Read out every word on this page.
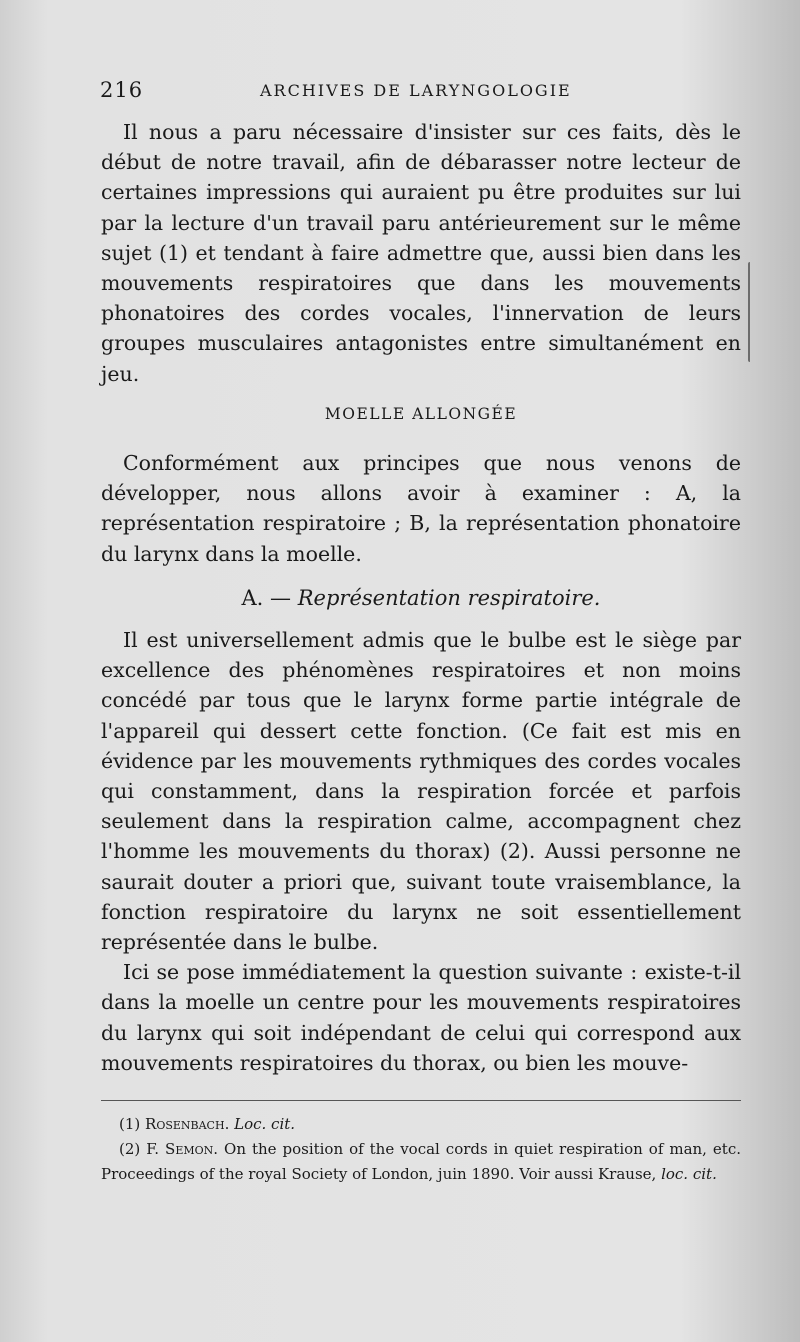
216	ARCHIVES DE LARYNGOLOGIE

Il nous a paru nécessaire d'insister sur ces faits, dès le début de notre travail, afin de débarasser notre lecteur de certaines impressions qui auraient pu être produites sur lui par la lecture d'un travail paru antérieurement sur le même sujet (1) et tendant à faire admettre que, aussi bien dans les mouvements respiratoires que dans les mouvements phonatoires des cordes vocales, l'innervation de leurs groupes musculaires antagonistes entre simultanément en jeu.

MOELLE ALLONGÉE

Conformément aux principes que nous venons de développer, nous allons avoir à examiner : A, la représentation respiratoire ; B, la représentation phonatoire du larynx dans la moelle.

A. — Représentation respiratoire.

Il est universellement admis que le bulbe est le siège par excellence des phénomènes respiratoires et non moins concédé par tous que le larynx forme partie intégrale de l'appareil qui dessert cette fonction. (Ce fait est mis en évidence par les mouvements rythmiques des cordes vocales qui constamment, dans la respiration forcée et parfois seulement dans la respiration calme, accompagnent chez l'homme les mouvements du thorax) (2). Aussi personne ne saurait douter a priori que, suivant toute vraisemblance, la fonction respiratoire du larynx ne soit essentiellement représentée dans le bulbe.

Ici se pose immédiatement la question suivante : existe-t-il dans la moelle un centre pour les mouvements respiratoires du larynx qui soit indépendant de celui qui correspond aux mouvements respiratoires du thorax, ou bien les mouve-

(1) Rosenbach. Loc. cit.

(2) F. Semon. On the position of the vocal cords in quiet respiration of man, etc. Proceedings of the royal Society of London, juin 1890. Voir aussi Krause, loc. cit.
